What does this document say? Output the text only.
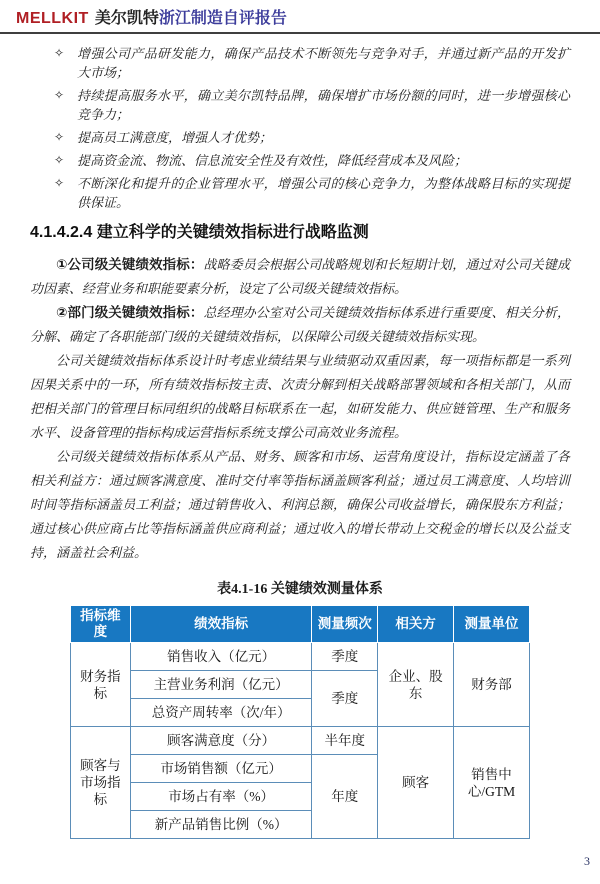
MELLKIT 美尔凯特浙江制造自评报告
✧ 增强公司产品研发能力，确保产品技术不断领先与竞争对手，并通过新产品的开发扩大市场；
✧ 持续提高服务水平，确立美尔凯特品牌，确保增扩市场份额的同时，进一步增强核心竞争力；
✧ 提高员工满意度，增强人才优势；
✧ 提高资金流、物流、信息流安全性及有效性，降低经营成本及风险；
✧ 不断深化和提升的企业管理水平，增强公司的核心竞争力，为整体战略目标的实现提供保证。
4.1.4.2.4 建立科学的关键绩效指标进行战略监测

①公司级关键绩效指标：战略委员会根据公司战略规划和长短期计划，通过对公司关键成功因素、经营业务和职能要素分析，设定了公司级关键绩效指标。

②部门级关键绩效指标：总经理办公室对公司关键绩效指标体系进行重要度、相关分析，分解、确定了各职能部门级的关键绩效指标，以保障公司级关键绩效指标实现。

公司关键绩效指标体系设计时考虑业绩结果与业绩驱动双重因素，每一项指标都是一系列因果关系中的一环，所有绩效指标按主责、次责分解到相关战略部署领域和各相关部门，从而把相关部门的管理目标同组织的战略目标联系在一起，如研发能力、供应链管理、生产和服务水平、设备管理的指标构成运营指标系统支撑公司高效业务流程。

公司级关键绩效指标体系从产品、财务、顾客和市场、运营角度设计，指标设定涵盖了各相关利益方：通过顾客满意度、准时交付率等指标涵盖顾客利益；通过员工满意度、人均培训时间等指标涵盖员工利益；通过销售收入、利润总额，确保公司收益增长，确保股东方利益；通过核心供应商占比等指标涵盖供应商利益；通过收入的增长带动上交税金的增长以及公益支持，涵盖社会利益。

表4.1-16 关键绩效测量体系
指标维度	绩效指标	测量频次	相关方	测量单位
财务指标	销售收入（亿元）	季度	企业、股东	财务部
	主营业务利润（亿元）	季度		
	总资产周转率（次/年）			
顾客与市场指标	顾客满意度（分）	半年度	顾客	销售中心/GTM
	市场销售额（亿元）	年度		
	市场占有率（%）			
	新产品销售比例（%）			
3
